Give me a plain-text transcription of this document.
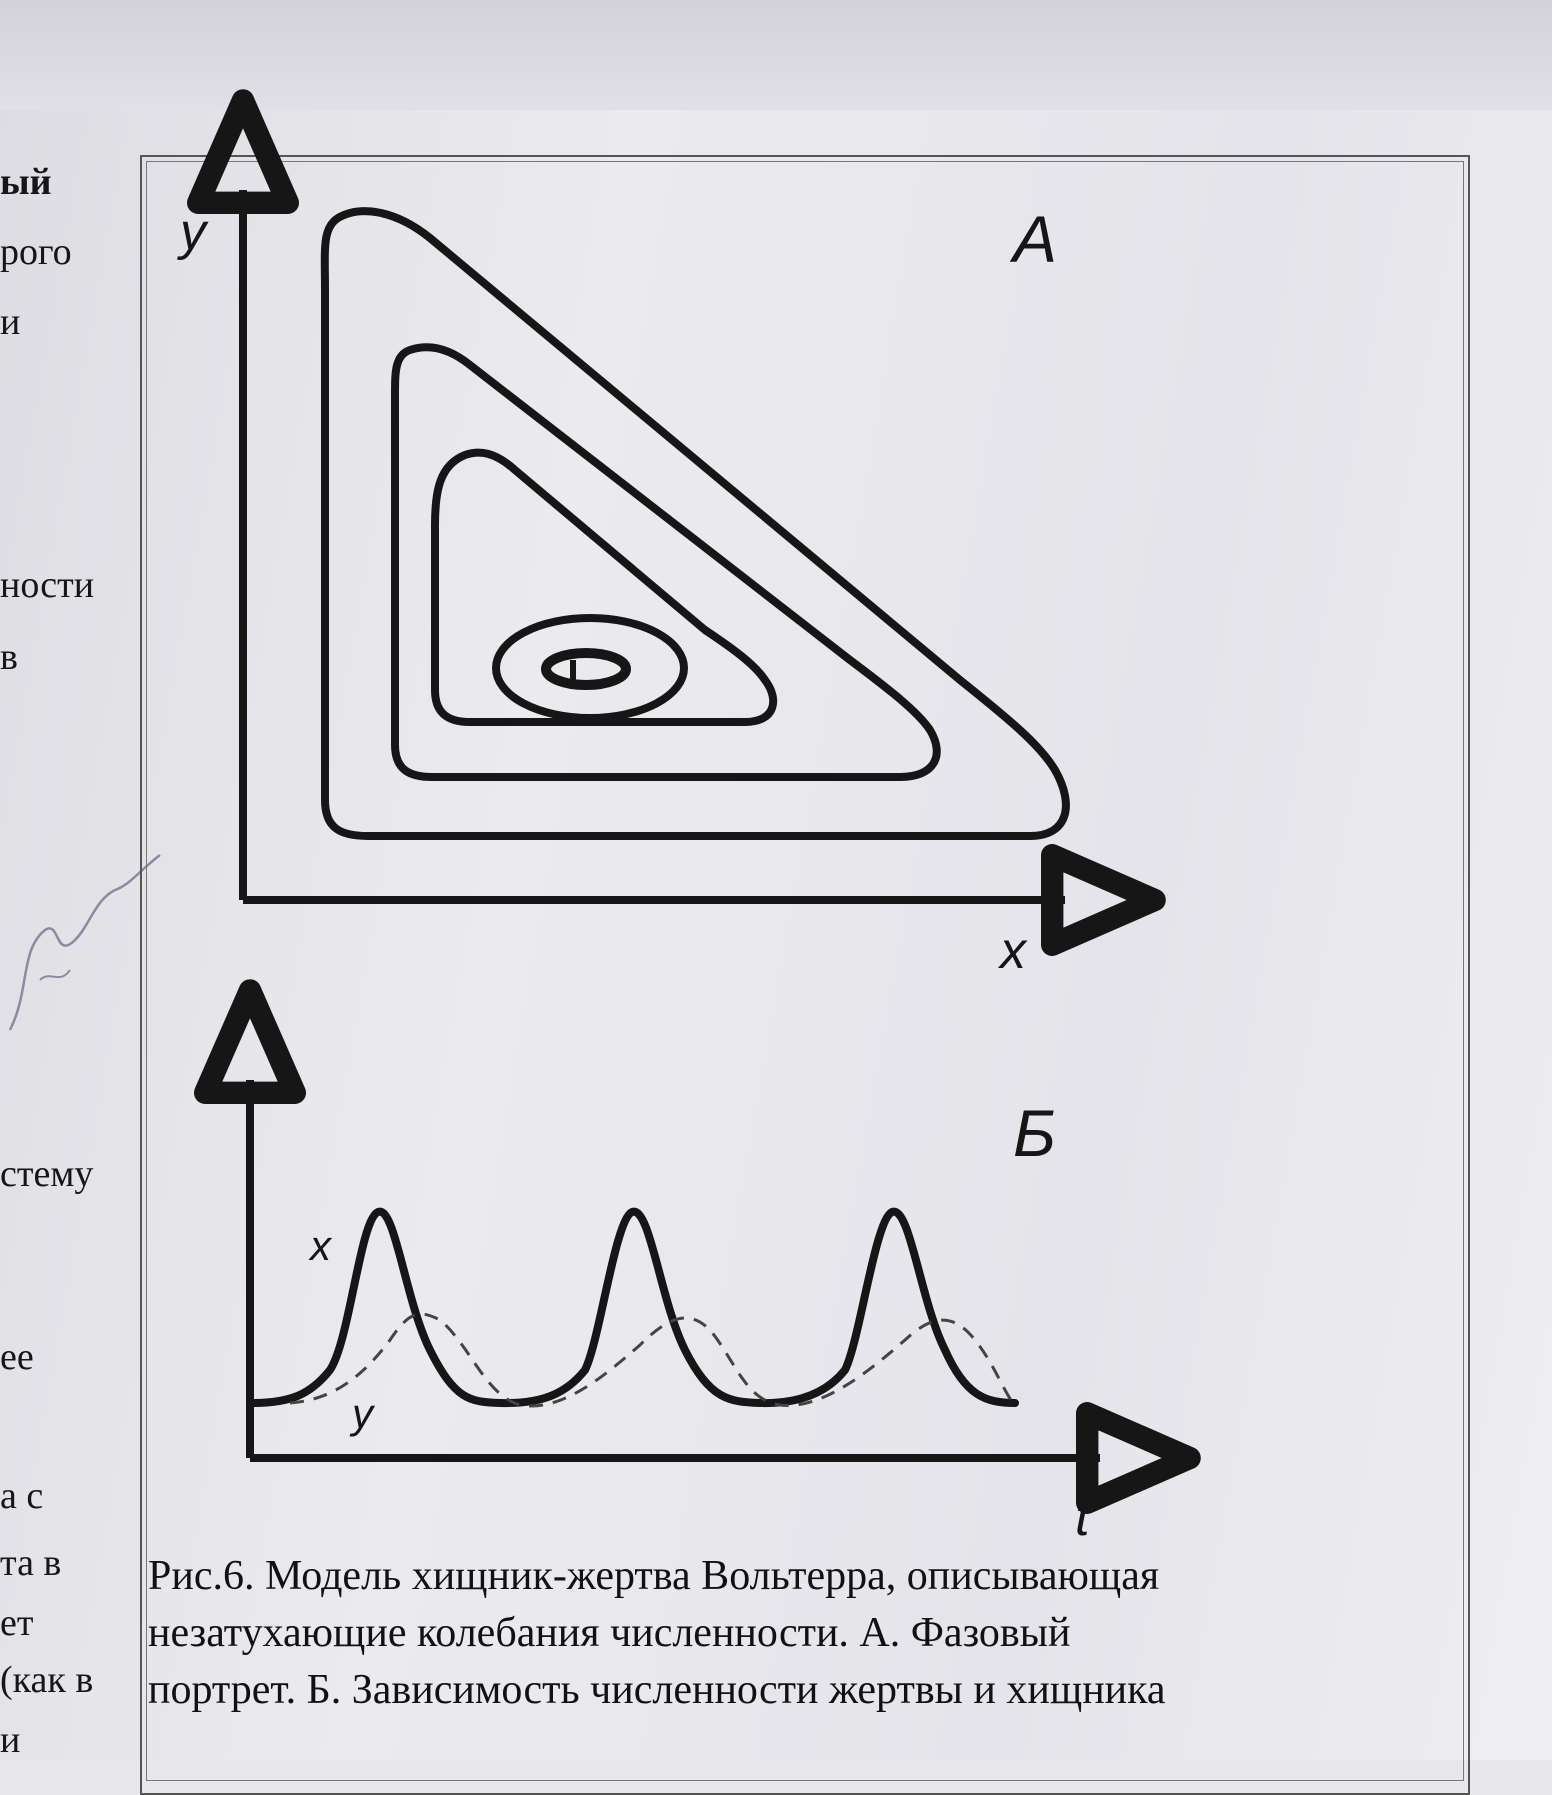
ый
рого
и
ности
в
стему
ее
а с
та в
ет
(как в
и
А
y
x
Б
x
y
t
Рис.6. Модель хищник-жертва Вольтерра, описывающая
незатухающие колебания численности. А. Фазовый
портрет. Б. Зависимость численности жертвы и хищника
